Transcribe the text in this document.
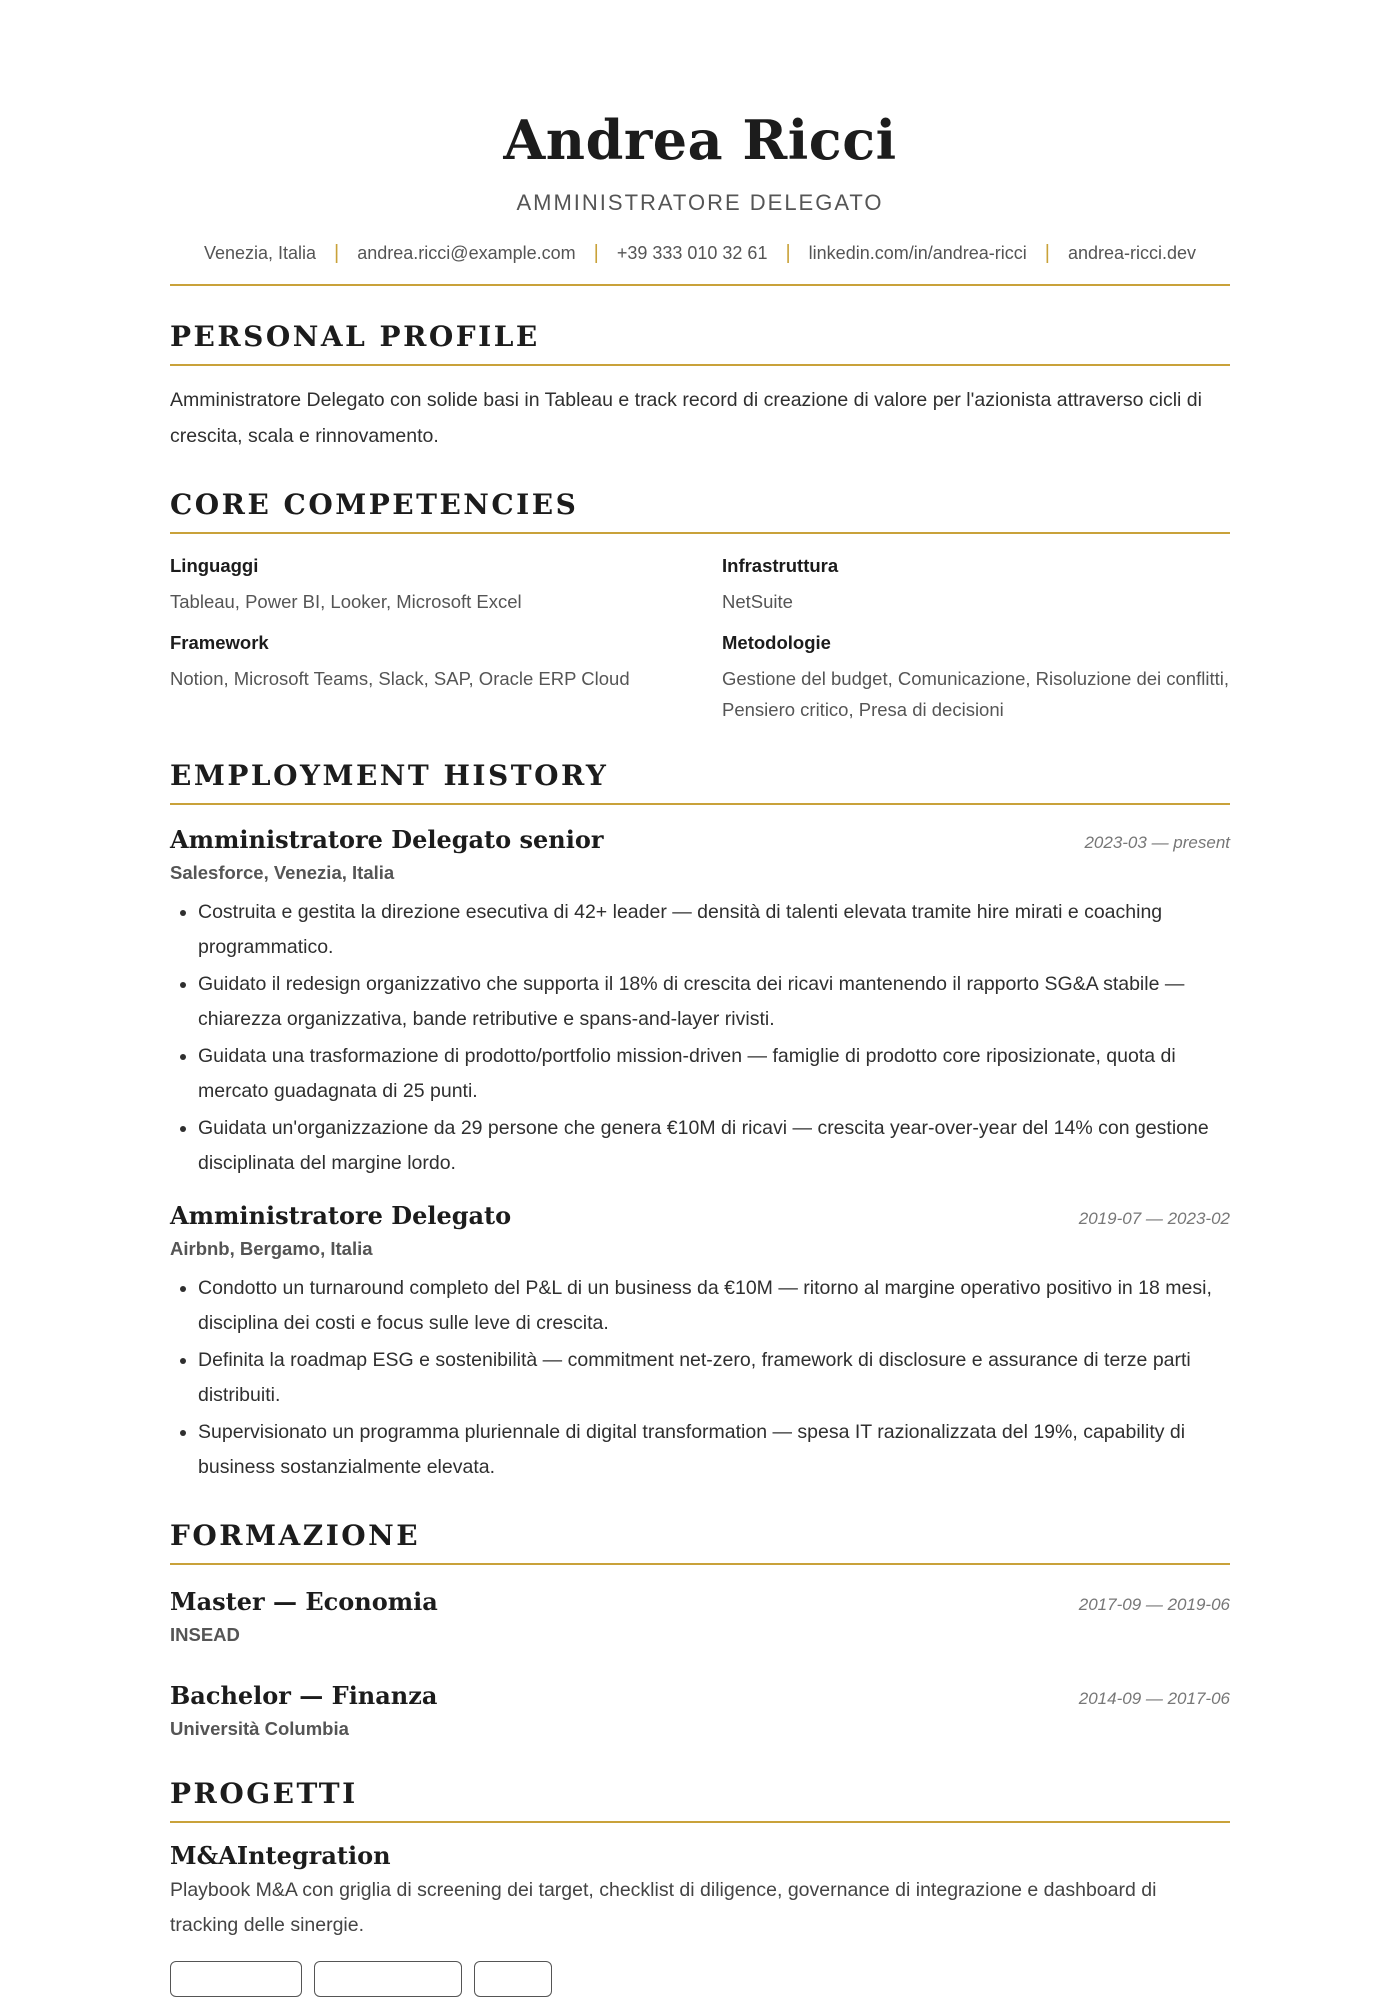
Andrea Ricci
AMMINISTRATORE DELEGATO
Venezia, Italia | andrea.ricci@example.com | +39 333 010 32 61 | linkedin.com/in/andrea-ricci | andrea-ricci.dev
PERSONAL PROFILE
Amministratore Delegato con solide basi in Tableau e track record di creazione di valore per l'azionista attraverso cicli di crescita, scala e rinnovamento.
CORE COMPETENCIES
Linguaggi
Tableau, Power BI, Looker, Microsoft Excel
Infrastruttura
NetSuite
Framework
Notion, Microsoft Teams, Slack, SAP, Oracle ERP Cloud
Metodologie
Gestione del budget, Comunicazione, Risoluzione dei conflitti, Pensiero critico, Presa di decisioni
EMPLOYMENT HISTORY
Amministratore Delegato senior	2023-03 — present
Salesforce, Venezia, Italia
• Costruita e gestita la direzione esecutiva di 42+ leader — densità di talenti elevata tramite hire mirati e coaching programmatico.
• Guidato il redesign organizzativo che supporta il 18% di crescita dei ricavi mantenendo il rapporto SG&A stabile — chiarezza organizzativa, bande retributive e spans-and-layer rivisti.
• Guidata una trasformazione di prodotto/portfolio mission-driven — famiglie di prodotto core riposizionate, quota di mercato guadagnata di 25 punti.
• Guidata un'organizzazione da 29 persone che genera €10M di ricavi — crescita year-over-year del 14% con gestione disciplinata del margine lordo.
Amministratore Delegato	2019-07 — 2023-02
Airbnb, Bergamo, Italia
• Condotto un turnaround completo del P&L di un business da €10M — ritorno al margine operativo positivo in 18 mesi, disciplina dei costi e focus sulle leve di crescita.
• Definita la roadmap ESG e sostenibilità — commitment net-zero, framework di disclosure e assurance di terze parti distribuiti.
• Supervisionato un programma pluriennale di digital transformation — spesa IT razionalizzata del 19%, capability di business sostanzialmente elevata.
FORMAZIONE
Master — Economia	2017-09 — 2019-06
INSEAD
Bachelor — Finanza	2014-09 — 2017-06
Università Columbia
PROGETTI
M&AIntegration
Playbook M&A con griglia di screening dei target, checklist di diligence, governance di integrazione e dashboard di tracking delle sinergie.
